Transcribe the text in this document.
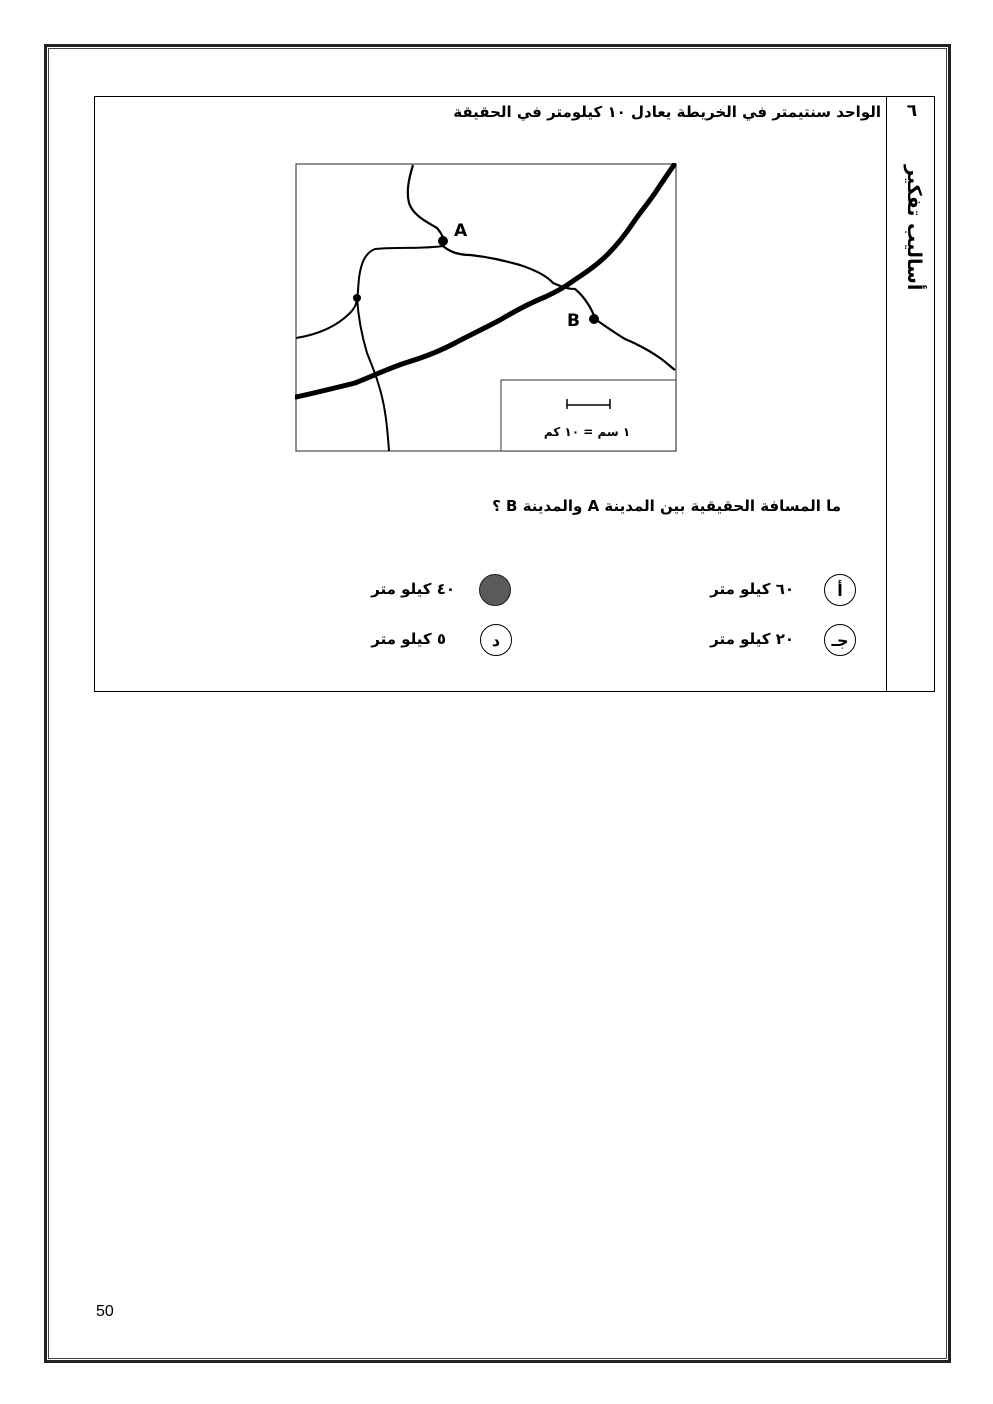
٦
أساليب تفكير
الواحد سنتيمتر في الخريطة يعادل ١٠ كيلومتر في الحقيقة
A
B
١ سم = ١٠ كم
ما المسافة الحقيقية بين المدينة A والمدينة B ؟
أ
٦٠ كيلو متر
٤٠ كيلو متر
جـ
٢٠ كيلو متر
د
٥ كيلو متر
50
